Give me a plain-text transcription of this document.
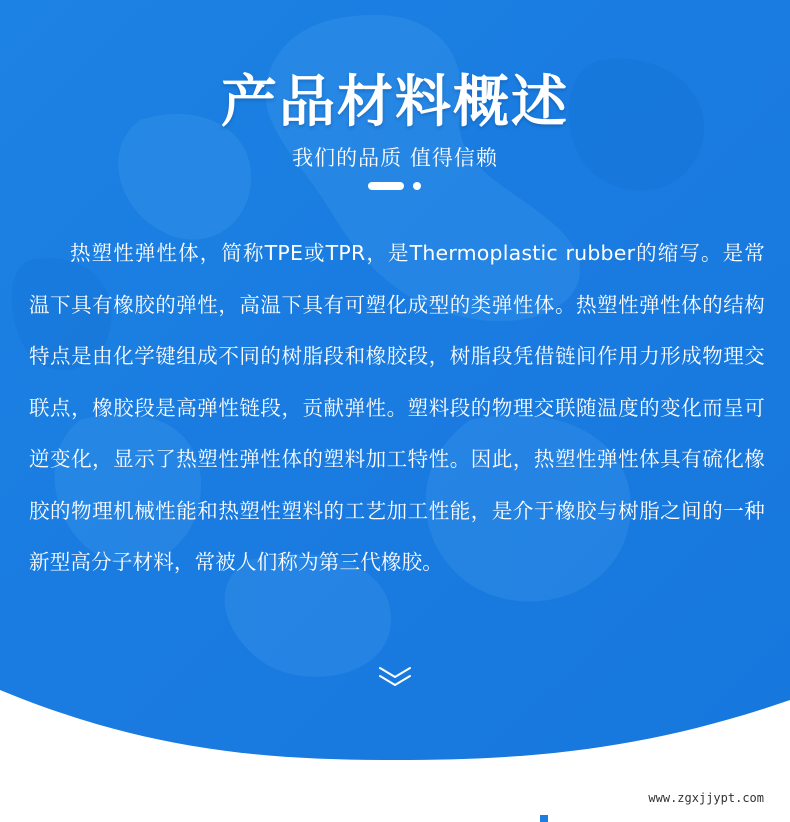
产品材料概述
我们的品质 值得信赖
热塑性弹性体，简称TPE或TPR，是Thermoplastic rubber的缩写。是常温下具有橡胶的弹性，高温下具有可塑化成型的类弹性体。热塑性弹性体的结构特点是由化学键组成不同的树脂段和橡胶段，树脂段凭借链间作用力形成物理交联点，橡胶段是高弹性链段，贡献弹性。塑料段的物理交联随温度的变化而呈可逆变化，显示了热塑性弹性体的塑料加工特性。因此，热塑性弹性体具有硫化橡胶的物理机械性能和热塑性塑料的工艺加工性能，是介于橡胶与树脂之间的一种新型高分子材料，常被人们称为第三代橡胶。
www.zgxjjypt.com
